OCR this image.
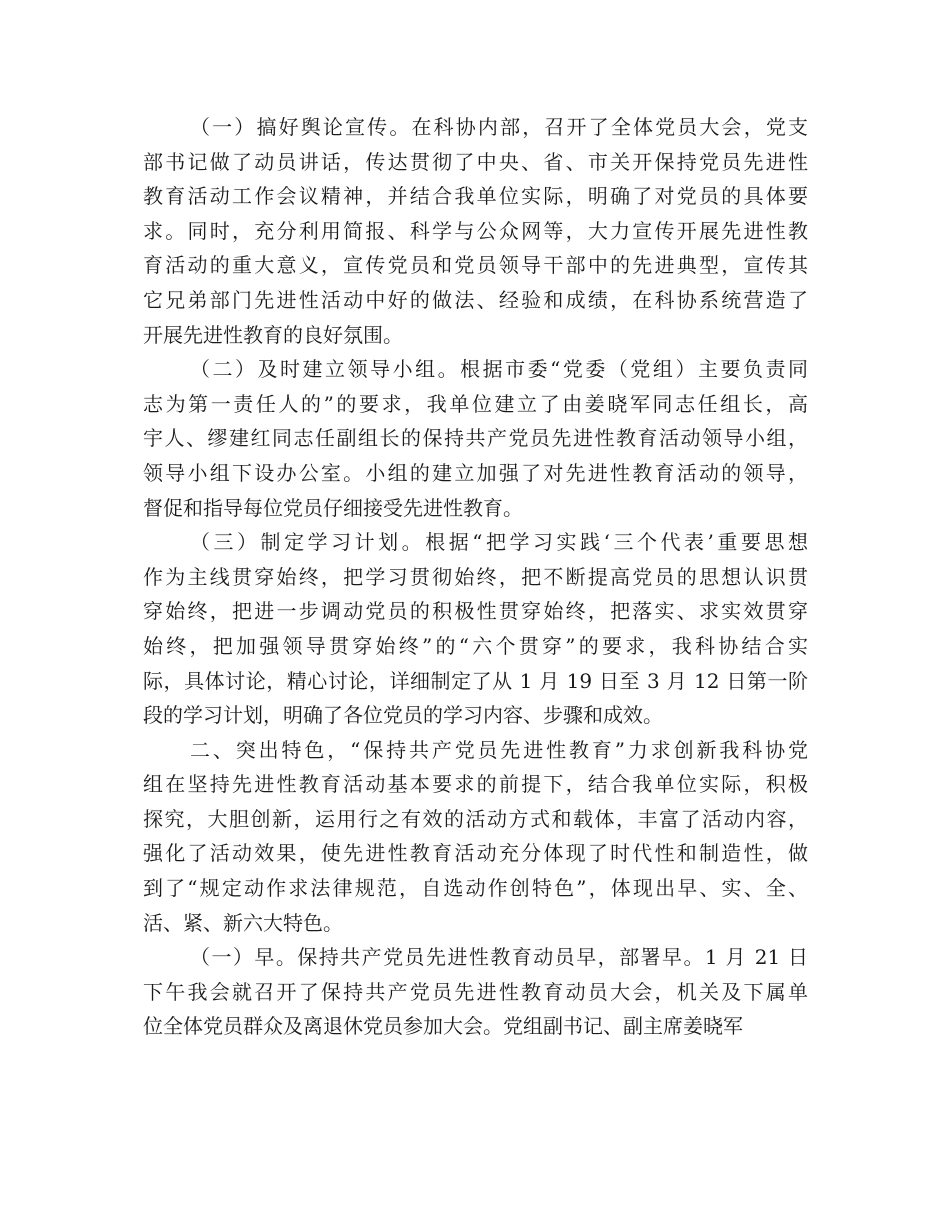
（一）搞好舆论宣传。在科协内部，召开了全体党员大会，党支
部书记做了动员讲话，传达贯彻了中央、省、市关开保持党员先进性
教育活动工作会议精神，并结合我单位实际，明确了对党员的具体要
求。同时，充分利用简报、科学与公众网等，大力宣传开展先进性教
育活动的重大意义，宣传党员和党员领导干部中的先进典型，宣传其
它兄弟部门先进性活动中好的做法、经验和成绩，在科协系统营造了
开展先进性教育的良好氛围。
（二）及时建立领导小组。根据市委“党委（党组）主要负责同
志为第一责任人的”的要求，我单位建立了由姜晓军同志任组长，高
宇人、缪建红同志任副组长的保持共产党员先进性教育活动领导小组，
领导小组下设办公室。小组的建立加强了对先进性教育活动的领导，
督促和指导每位党员仔细接受先进性教育。
（三）制定学习计划。根据“把学习实践‘三个代表’重要思想
作为主线贯穿始终，把学习贯彻始终，把不断提高党员的思想认识贯
穿始终，把进一步调动党员的积极性贯穿始终，把落实、求实效贯穿
始终，把加强领导贯穿始终”的“六个贯穿”的要求，我科协结合实
际，具体讨论，精心讨论，详细制定了从 1 月 19 日至 3 月 12 日第一阶
段的学习计划，明确了各位党员的学习内容、步骤和成效。
二、突出特色，“保持共产党员先进性教育”力求创新我科协党
组在坚持先进性教育活动基本要求的前提下，结合我单位实际，积极
探究，大胆创新，运用行之有效的活动方式和载体，丰富了活动内容，
强化了活动效果，使先进性教育活动充分体现了时代性和制造性，做
到了“规定动作求法律规范，自选动作创特色”，体现出早、实、全、
活、紧、新六大特色。
（一）早。保持共产党员先进性教育动员早，部署早。1 月 21 日
下午我会就召开了保持共产党员先进性教育动员大会，机关及下属单
位全体党员群众及离退休党员参加大会。党组副书记、副主席姜晓军
